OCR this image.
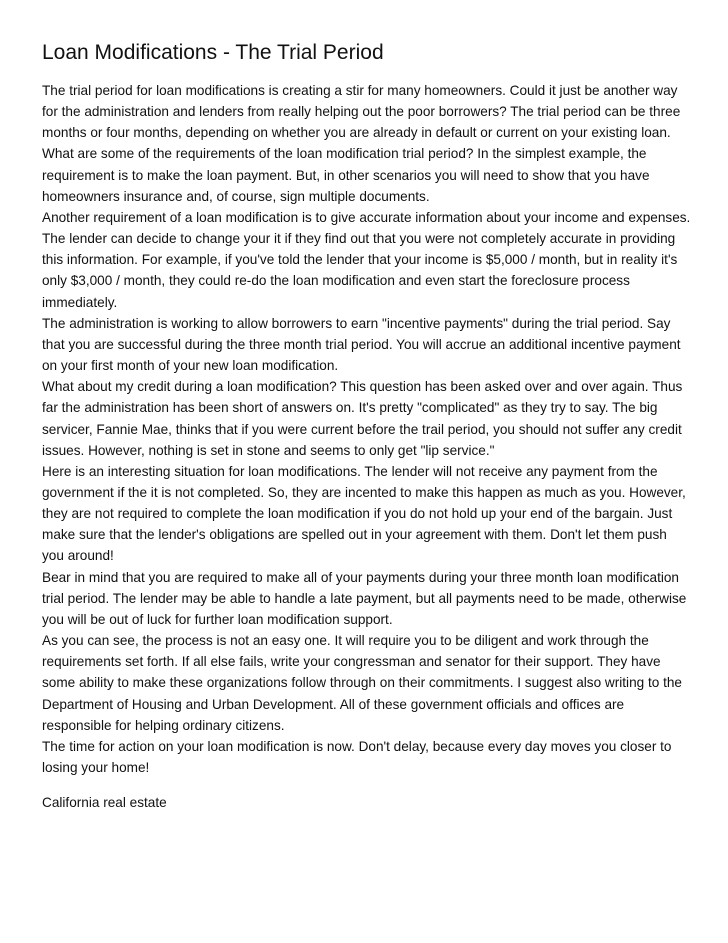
Loan Modifications - The Trial Period

The trial period for loan modifications is creating a stir for many homeowners. Could it just be another way for the administration and lenders from really helping out the poor borrowers? The trial period can be three months or four months, depending on whether you are already in default or current on your existing loan.

What are some of the requirements of the loan modification trial period? In the simplest example, the requirement is to make the loan payment. But, in other scenarios you will need to show that you have homeowners insurance and, of course, sign multiple documents.

Another requirement of a loan modification is to give accurate information about your income and expenses. The lender can decide to change your it if they find out that you were not completely accurate in providing this information. For example, if you've told the lender that your income is $5,000 / month, but in reality it's only $3,000 / month, they could re-do the loan modification and even start the foreclosure process immediately.

The administration is working to allow borrowers to earn "incentive payments" during the trial period. Say that you are successful during the three month trial period. You will accrue an additional incentive payment on your first month of your new loan modification.

What about my credit during a loan modification? This question has been asked over and over again. Thus far the administration has been short of answers on. It's pretty "complicated" as they try to say. The big servicer, Fannie Mae, thinks that if you were current before the trail period, you should not suffer any credit issues. However, nothing is set in stone and seems to only get "lip service."

Here is an interesting situation for loan modifications. The lender will not receive any payment from the government if the it is not completed. So, they are incented to make this happen as much as you. However, they are not required to complete the loan modification if you do not hold up your end of the bargain. Just make sure that the lender's obligations are spelled out in your agreement with them. Don't let them push you around!

Bear in mind that you are required to make all of your payments during your three month loan modification trial period. The lender may be able to handle a late payment, but all payments need to be made, otherwise you will be out of luck for further loan modification support.

As you can see, the process is not an easy one. It will require you to be diligent and work through the requirements set forth. If all else fails, write your congressman and senator for their support. They have some ability to make these organizations follow through on their commitments. I suggest also writing to the Department of Housing and Urban Development. All of these government officials and offices are responsible for helping ordinary citizens.

The time for action on your loan modification is now. Don't delay, because every day moves you closer to losing your home!

California real estate
